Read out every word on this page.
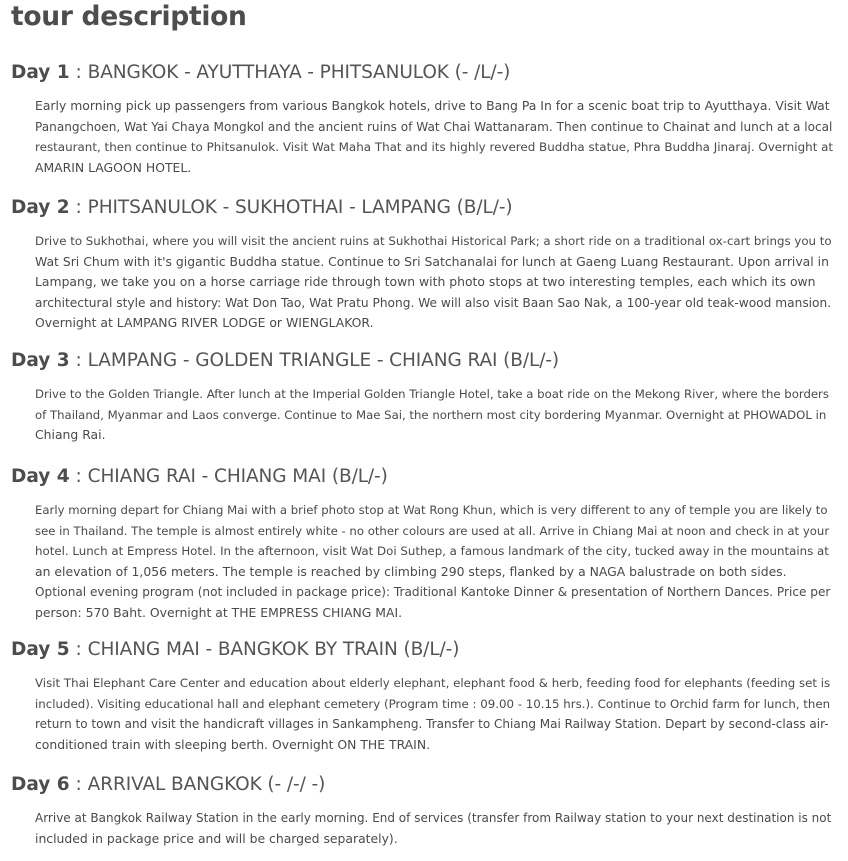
tour description
Day 1 : BANGKOK - AYUTTHAYA - PHITSANULOK (- /L/-)
Early morning pick up passengers from various Bangkok hotels, drive to Bang Pa In for a scenic boat trip to Ayutthaya. Visit Wat
Panangchoen, Wat Yai Chaya Mongkol and the ancient ruins of Wat Chai Wattanaram. Then continue to Chainat and lunch at a local
restaurant, then continue to Phitsanulok. Visit Wat Maha That and its highly revered Buddha statue, Phra Buddha Jinaraj. Overnight at
AMARIN LAGOON HOTEL.
Day 2 : PHITSANULOK - SUKHOTHAI - LAMPANG (B/L/-)
Drive to Sukhothai, where you will visit the ancient ruins at Sukhothai Historical Park; a short ride on a traditional ox-cart brings you to
Wat Sri Chum with it's gigantic Buddha statue. Continue to Sri Satchanalai for lunch at Gaeng Luang Restaurant. Upon arrival in
Lampang, we take you on a horse carriage ride through town with photo stops at two interesting temples, each which its own
architectural style and history: Wat Don Tao, Wat Pratu Phong. We will also visit Baan Sao Nak, a 100-year old teak-wood mansion.
Overnight at LAMPANG RIVER LODGE or WIENGLAKOR.
Day 3 : LAMPANG - GOLDEN TRIANGLE - CHIANG RAI (B/L/-)
Drive to the Golden Triangle. After lunch at the Imperial Golden Triangle Hotel, take a boat ride on the Mekong River, where the borders
of Thailand, Myanmar and Laos converge. Continue to Mae Sai, the northern most city bordering Myanmar. Overnight at PHOWADOL in
Chiang Rai.
Day 4 : CHIANG RAI - CHIANG MAI (B/L/-)
Early morning depart for Chiang Mai with a brief photo stop at Wat Rong Khun, which is very different to any of temple you are likely to
see in Thailand. The temple is almost entirely white - no other colours are used at all. Arrive in Chiang Mai at noon and check in at your
hotel. Lunch at Empress Hotel. In the afternoon, visit Wat Doi Suthep, a famous landmark of the city, tucked away in the mountains at
an elevation of 1,056 meters. The temple is reached by climbing 290 steps, flanked by a NAGA balustrade on both sides.
Optional evening program (not included in package price): Traditional Kantoke Dinner & presentation of Northern Dances. Price per
person: 570 Baht. Overnight at THE EMPRESS CHIANG MAI.
Day 5 : CHIANG MAI - BANGKOK BY TRAIN (B/L/-)
Visit Thai Elephant Care Center and education about elderly elephant, elephant food & herb, feeding food for elephants (feeding set is
included). Visiting educational hall and elephant cemetery (Program time : 09.00 - 10.15 hrs.). Continue to Orchid farm for lunch, then
return to town and visit the handicraft villages in Sankampheng. Transfer to Chiang Mai Railway Station. Depart by second-class air-
conditioned train with sleeping berth. Overnight ON THE TRAIN.
Day 6 : ARRIVAL BANGKOK (- /-/ -)
Arrive at Bangkok Railway Station in the early morning. End of services (transfer from Railway station to your next destination is not
included in package price and will be charged separately).
